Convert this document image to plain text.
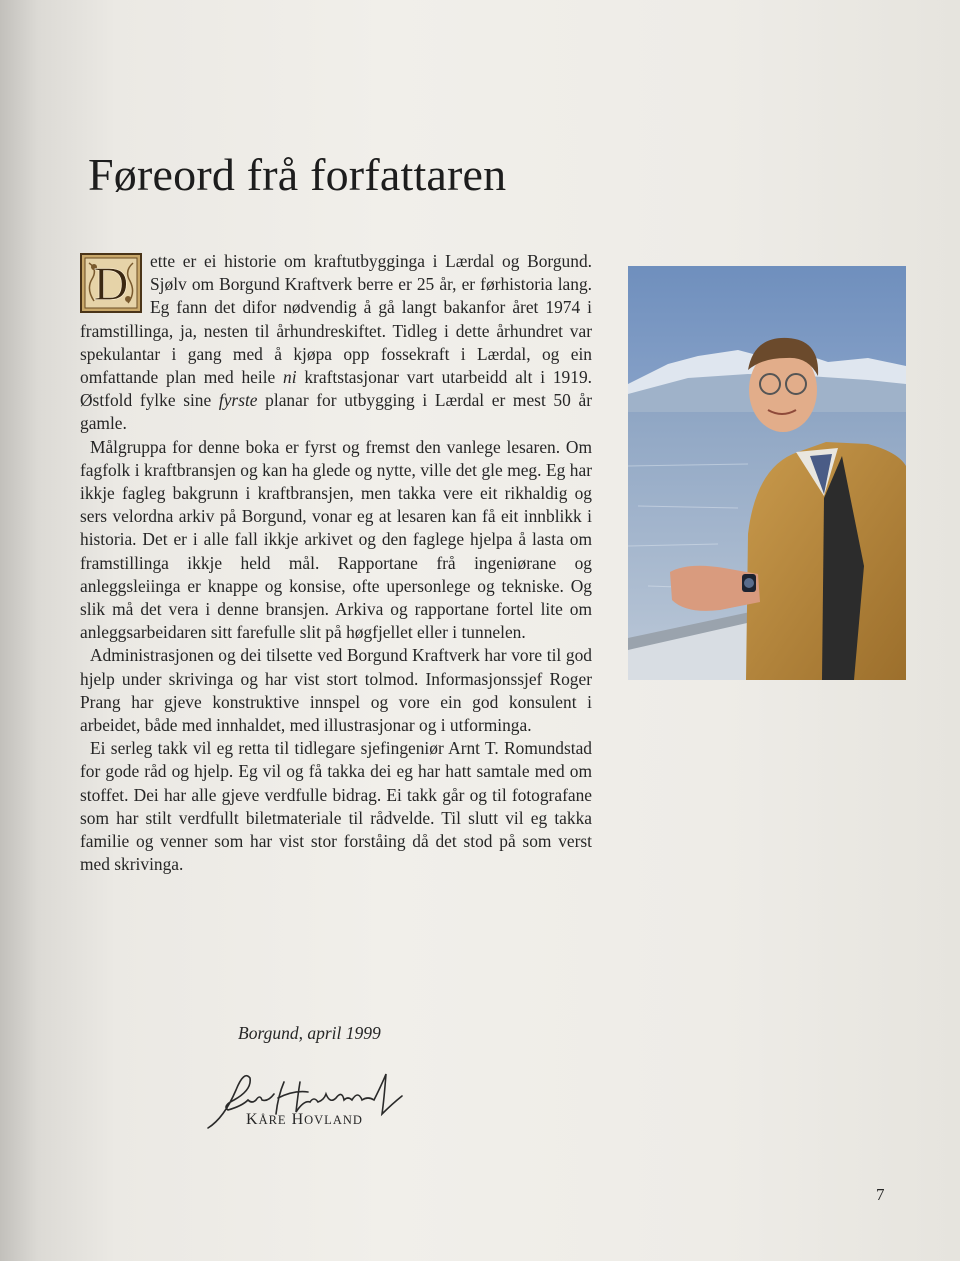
Føreord frå forfattaren

D ette er ei historie om kraftutbygginga i Lærdal og Borgund. Sjølv om Borgund Kraftverk berre er 25 år, er førhistoria lang. Eg fann det difor nødvendig å gå langt bakanfor året 1974 i framstillinga, ja, nesten til århundreskiftet. Tidleg i dette århundret var spekulantar i gang med å kjøpa opp fossekraft i Lærdal, og ein omfattande plan med heile ni kraftstasjonar vart utarbeidd alt i 1919. Østfold fylke sine fyrste planar for utbygging i Lærdal er mest 50 år gamle.

Målgruppa for denne boka er fyrst og fremst den vanlege lesaren. Om fagfolk i kraftbransjen og kan ha glede og nytte, ville det gle meg. Eg har ikkje fagleg bakgrunn i kraftbransjen, men takka vere eit rikhaldig og sers velordna arkiv på Borgund, vonar eg at lesaren kan få eit innblikk i historia. Det er i alle fall ikkje arkivet og den faglege hjelpa å lasta om framstillinga ikkje held mål. Rapportane frå ingeniørane og anleggsleiinga er knappe og konsise, ofte upersonlege og tekniske. Og slik må det vera i denne bransjen. Arkiva og rapportane fortel lite om anleggsarbeidaren sitt farefulle slit på høgfjellet eller i tunnelen.

Administrasjonen og dei tilsette ved Borgund Kraftverk har vore til god hjelp under skrivinga og har vist stort tolmod. Informasjonssjef Roger Prang har gjeve konstruktive innspel og vore ein god konsulent i arbeidet, både med innhaldet, med illustrasjonar og i utforminga.

Ei serleg takk vil eg retta til tidlegare sjefingeniør Arnt T. Romundstad for gode råd og hjelp. Eg vil og få takka dei eg har hatt samtale med om stoffet. Dei har alle gjeve verdfulle bidrag. Ei takk går og til fotografane som har stilt verdfullt biletmateriale til rådvelde. Til slutt vil eg takka familie og venner som har vist stor forståing då det stod på som verst med skrivinga.

Borgund, april 1999
KÅRE HOVLAND
7
